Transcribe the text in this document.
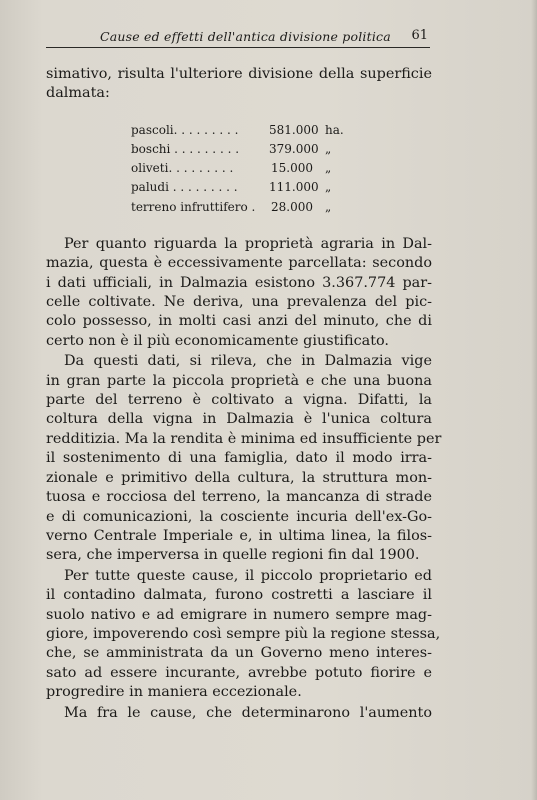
Cause ed effetti dell'antica divisione politica 61
simativo, risulta l'ulteriore divisione della superficie
dalmata:
pascoli. . . . . . . . .	581.000 ha.
boschi . . . . . . . . .	379.000 „
oliveti. . . . . . . . .	15.000	„
paludi . . . . . . . . .	111.000 „
terreno infruttifero .	28.000	„
Per quanto riguarda la proprietà agraria in Dal-
mazia, questa è eccessivamente parcellata: secondo
i dati ufficiali, in Dalmazia esistono 3.367.774 par-
celle coltivate. Ne deriva, una prevalenza del pic-
colo possesso, in molti casi anzi del minuto, che di
certo non è il più economicamente giustificato.
Da questi dati, si rileva, che in Dalmazia vige
in gran parte la piccola proprietà e che una buona
parte del terreno è coltivato a vigna. Difatti, la
coltura della vigna in Dalmazia è l'unica coltura
redditizia. Ma la rendita è minima ed insufficiente per
il sostenimento di una famiglia, dato il modo irra-
zionale e primitivo della cultura, la struttura mon-
tuosa e rocciosa del terreno, la mancanza di strade
e di comunicazioni, la cosciente incuria dell'ex-Go-
verno Centrale Imperiale e, in ultima linea, la filos-
sera, che imperversa in quelle regioni fin dal 1900.
Per tutte queste cause, il piccolo proprietario ed
il contadino dalmata, furono costretti a lasciare il
suolo nativo e ad emigrare in numero sempre mag-
giore, impoverendo così sempre più la regione stessa,
che, se amministrata da un Governo meno interes-
sato ad essere incurante, avrebbe potuto fiorire e
progredire in maniera eccezionale.
Ma fra le cause, che determinarono l'aumento
